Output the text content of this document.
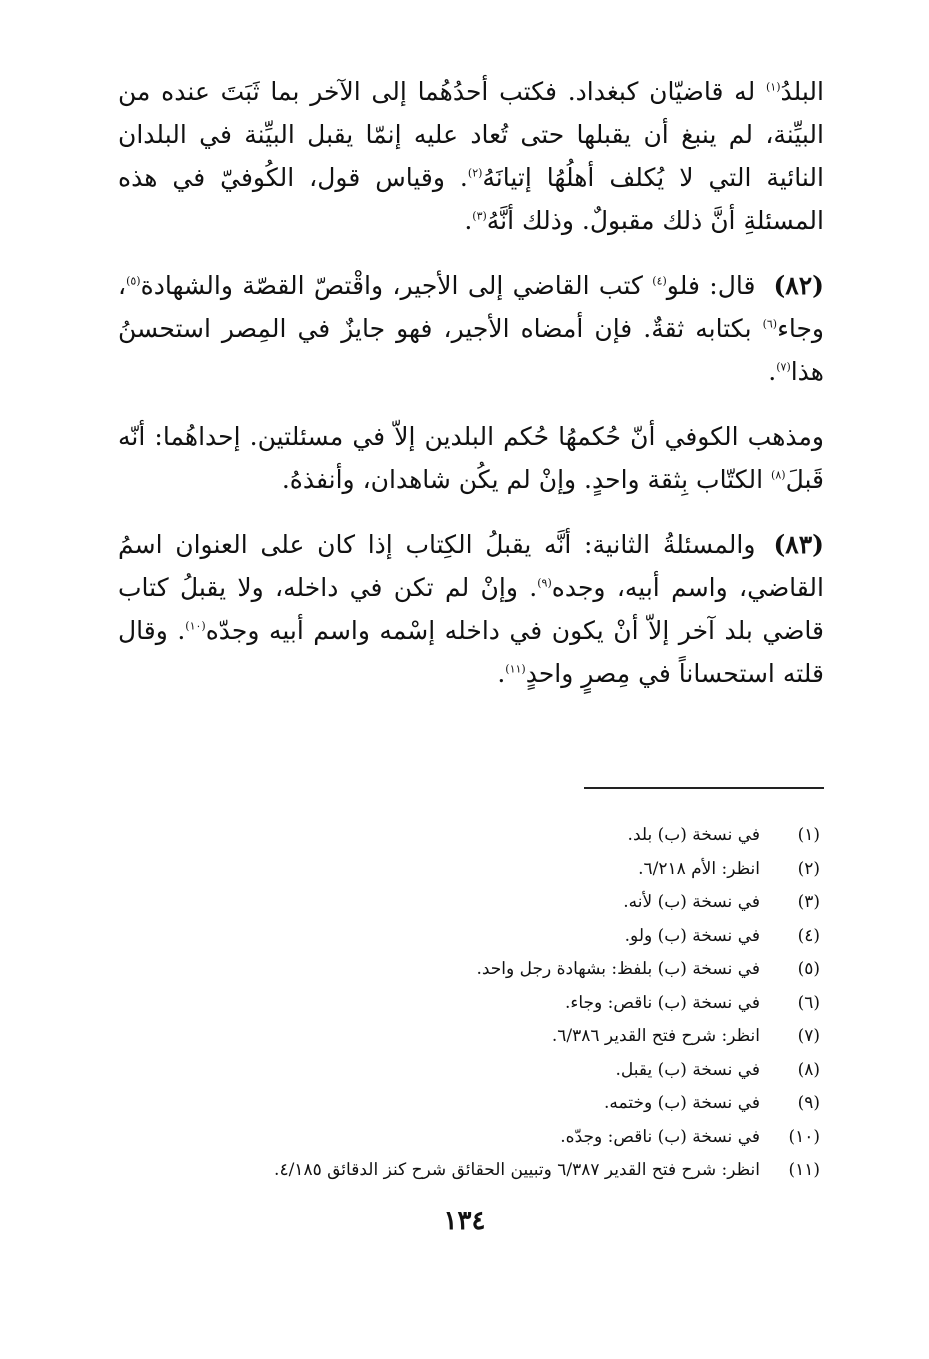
البلدُ$^{(١)}$ له قاضيّان كبغداد. فكتب أحدُهُما إلى الآخر بما ثَبَتَ عنده من البيِّنة، لم ينبغ أن يقبلها حتى تُعاد عليه إنمّا يقبل البيِّنة في البلدان النائية التي لا يُكلف أهلُهُا إتيانَهُ$^{(٢)}$. وقياس قول، الكُوفيّ في هذه المسئلةِ أنَّ ذلك مقبولٌ. وذلك أنَّهُ$^{(٣)}$.

(٨٢)قال: فلو$^{(٤)}$ كتب القاضي إلى الأجير، واقْتصّ القصّة والشهادة$^{(٥)}$، وجاء$^{(٦)}$ بكتابه ثقةٌ. فإن أمضاه الأجير، فهو جايزٌ في المِصر استحسنُ هذا$^{(٧)}$.

ومذهب الكوفي أنّ حُكمهُا حُكم البلدين إلاّ في مسئلتين. إحداهُما: أنّه قَبلَ$^{(٨)}$ الكتّاب بِثقة واحدٍ. وإنْ لم يكُن شاهدان، وأنفذهُ.

(٨٣)والمسئلةُ الثانية: أنَّه يقبلُ الكِتاب إذا كان على العنوان اسمُ القاضي، واسم أبيه، وجده$^{(٩)}$. وإنْ لم تكن في داخله، ولا يقبلُ كتاب قاضي بلد آخر إلاّ أنْ يكون في داخله إسْمه واسم أبيه وجدّه$^{(١٠)}$. وقال قلته استحساناً في مِصرٍ واحدٍ$^{(١١)}$.

(١)
في نسخة (ب) بلد.
(٢)
انظر: الأم ٦/٢١٨.
(٣)
في نسخة (ب) لأنه.
(٤)
في نسخة (ب) ولو.
(٥)
في نسخة (ب) بلفظ: بشهادة رجل واحد.
(٦)
في نسخة (ب) ناقص: وجاء.
(٧)
انظر: شرح فتح القدير ٦/٣٨٦.
(٨)
في نسخة (ب) يقبل.
(٩)
في نسخة (ب) وختمه.
(١٠)
في نسخة (ب) ناقص: وجدّه.
(١١)
انظر: شرح فتح القدير ٦/٣٨٧ وتبيين الحقائق شرح كنز الدقائق ٤/١٨٥.
١٣٤
